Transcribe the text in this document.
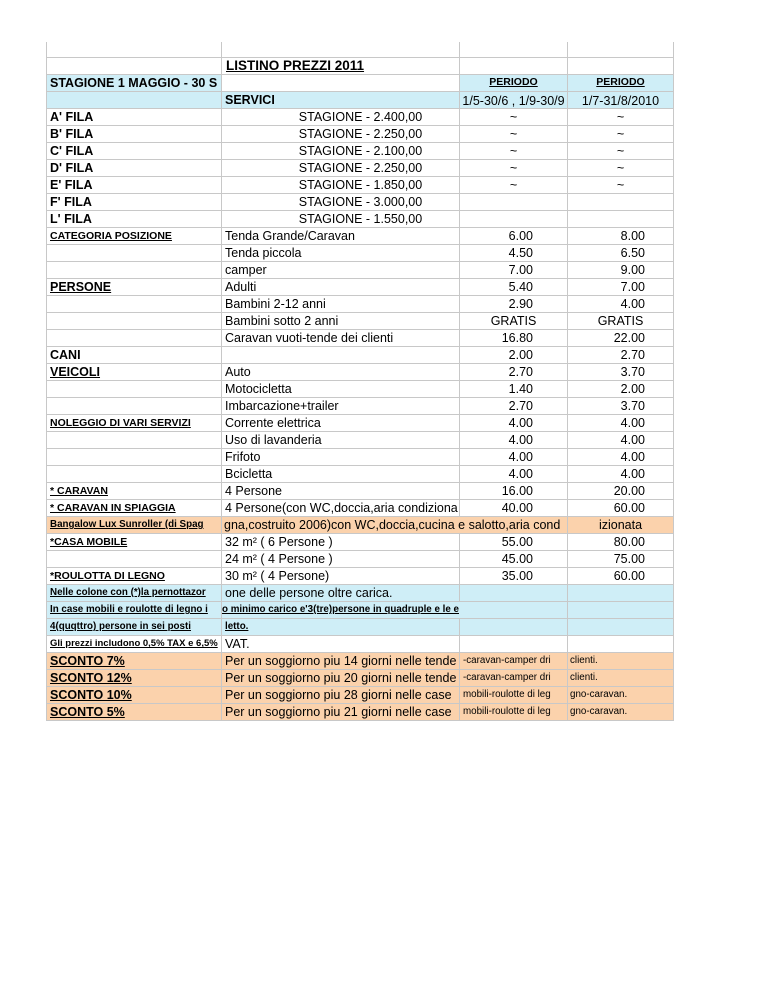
LISTINO PREZZI 2011
STAGIONE 1 MAGGIO - 30 S	PERIODO	PERIODO
SERVICI	1/5-30/6 , 1/9-30/9	1/7-31/8/2010
A' FILA	STAGIONE - 2.400,00	~	~
B' FILA	STAGIONE - 2.250,00	~	~
C' FILA	STAGIONE - 2.100,00	~	~
D' FILA	STAGIONE - 2.250,00	~	~
E' FILA	STAGIONE - 1.850,00	~	~
F' FILA	STAGIONE - 3.000,00
L' FILA	STAGIONE - 1.550,00
CATEGORIA POSIZIONE	Tenda Grande/Caravan	6.00	8.00
Tenda piccola	4.50	6.50
camper	7.00	9.00
PERSONE	Adulti	5.40	7.00
Bambini 2-12 anni	2.90	4.00
Bambini sotto 2 anni	GRATIS	GRATIS
Caravan vuoti-tende dei clienti	16.80	22.00
CANI	2.00	2.70
VEICOLI	Auto	2.70	3.70
Motocicletta	1.40	2.00
Imbarcazione+trailer	2.70	3.70
NOLEGGIO DI VARI SERVIZI	Corrente elettrica	4.00	4.00
Uso di lavanderia	4.00	4.00
Frifoto	4.00	4.00
Bcicletta	4.00	4.00
* CARAVAN	4 Persone	16.00	20.00
* CARAVAN IN SPIAGGIA	4 Persone(con WC,doccia,aria condiziona	40.00	60.00
Bangalow Lux Sunroller (di Spag	gna,costruito 2006)con WC,doccia,cucina e salotto,aria cond	izionata
*CASA MOBILE	32 m² ( 6 Persone )	55.00	80.00
24 m² ( 4 Persone )	45.00	75.00
*ROULOTTA DI LEGNO	30 m² ( 4 Persone)	35.00	60.00
Nelle colone con (*)la pernottazor	one delle persone oltre carica.
In case mobili e roulotte di legno i	o minimo carico e'3(tre)persone in quadruple e le e
4(quqttro) persone in sei posti	letto.
Gli prezzi includono 0,5% TAX e 6,5% VAT.
SCONTO 7%	Per un soggiorno piu 14 giorni nelle tende -caravan-camper dri	clienti.
SCONTO 12%	Per un soggiorno piu 20 giorni nelle tende -caravan-camper dri	clienti.
SCONTO 10%	Per un soggiorno piu 28 giorni nelle case	mobili-roulotte di leg	gno-caravan.
SCONTO 5%	Per un soggiorno piu 21 giorni nelle case	mobili-roulotte di leg	gno-caravan.
